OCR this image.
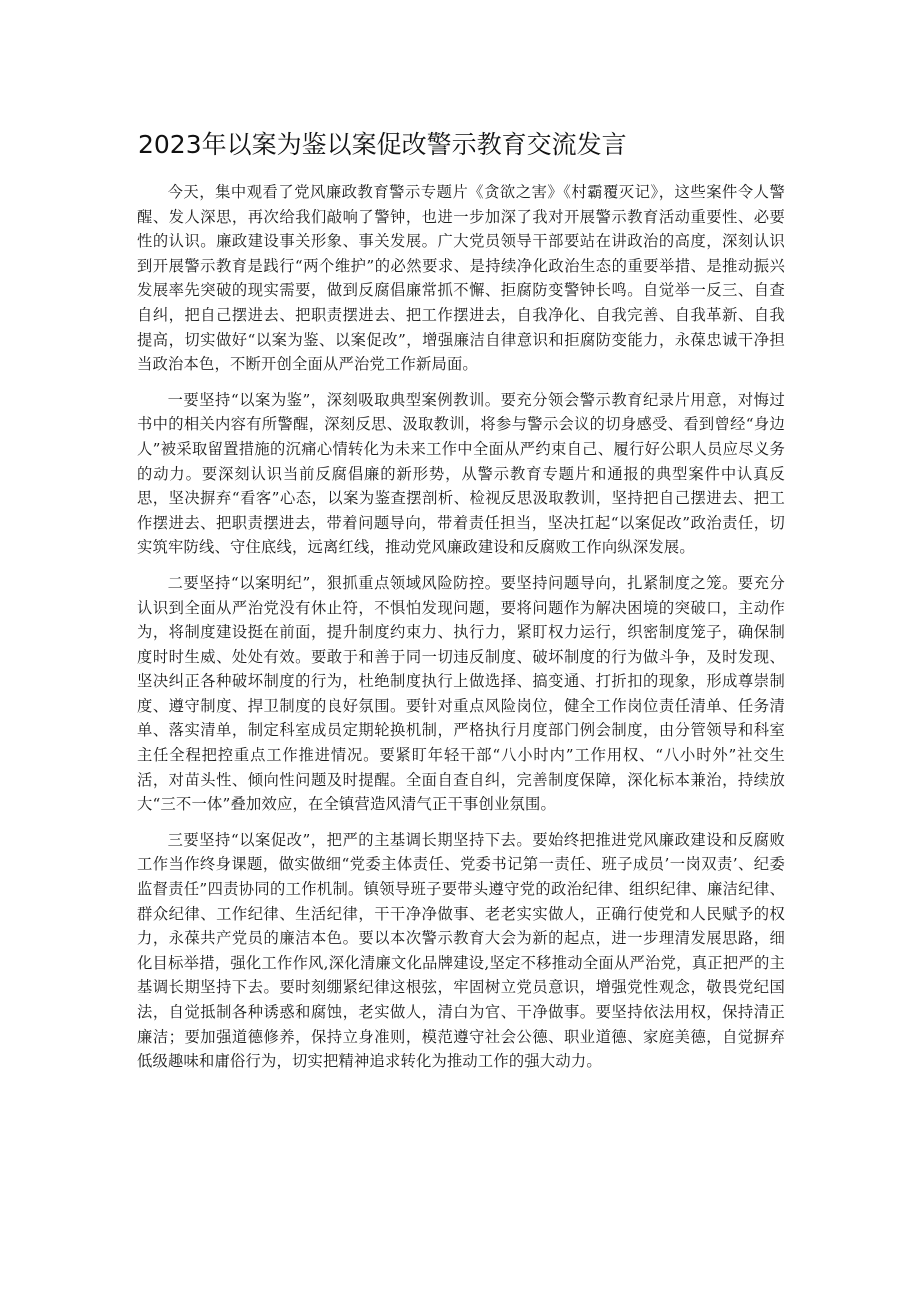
2023年以案为鉴以案促改警示教育交流发言

今天，集中观看了党风廉政教育警示专题片《贪欲之害》《村霸覆灭记》，这些案件令人警醒、发人深思，再次给我们敲响了警钟，也进一步加深了我对开展警示教育活动重要性、必要性的认识。廉政建设事关形象、事关发展。广大党员领导干部要站在讲政治的高度，深刻认识到开展警示教育是践行“两个维护”的必然要求、是持续净化政治生态的重要举措、是推动振兴发展率先突破的现实需要，做到反腐倡廉常抓不懈、拒腐防变警钟长鸣。自觉举一反三、自查自纠，把自己摆进去、把职责摆进去、把工作摆进去，自我净化、自我完善、自我革新、自我提高，切实做好“以案为鉴、以案促改”，增强廉洁自律意识和拒腐防变能力，永葆忠诚干净担当政治本色，不断开创全面从严治党工作新局面。

一要坚持“以案为鉴”，深刻吸取典型案例教训。要充分领会警示教育纪录片用意，对悔过书中的相关内容有所警醒，深刻反思、汲取教训，将参与警示会议的切身感受、看到曾经“身边人”被采取留置措施的沉痛心情转化为未来工作中全面从严约束自己、履行好公职人员应尽义务的动力。要深刻认识当前反腐倡廉的新形势，从警示教育专题片和通报的典型案件中认真反思，坚决摒弃“看客”心态，以案为鉴查摆剖析、检视反思汲取教训，坚持把自己摆进去、把工作摆进去、把职责摆进去，带着问题导向，带着责任担当，坚决扛起“以案促改”政治责任，切实筑牢防线、守住底线，远离红线，推动党风廉政建设和反腐败工作向纵深发展。

二要坚持“以案明纪”，狠抓重点领域风险防控。要坚持问题导向，扎紧制度之笼。要充分认识到全面从严治党没有休止符，不惧怕发现问题，要将问题作为解决困境的突破口，主动作为，将制度建设挺在前面，提升制度约束力、执行力，紧盯权力运行，织密制度笼子，确保制度时时生威、处处有效。要敢于和善于同一切违反制度、破坏制度的行为做斗争，及时发现、坚决纠正各种破坏制度的行为，杜绝制度执行上做选择、搞变通、打折扣的现象，形成尊崇制度、遵守制度、捍卫制度的良好氛围。要针对重点风险岗位，健全工作岗位责任清单、任务清单、落实清单，制定科室成员定期轮换机制，严格执行月度部门例会制度，由分管领导和科室主任全程把控重点工作推进情况。要紧盯年轻干部“八小时内”工作用权、“八小时外”社交生活，对苗头性、倾向性问题及时提醒。全面自查自纠，完善制度保障，深化标本兼治，持续放大“三不一体”叠加效应，在全镇营造风清气正干事创业氛围。

三要坚持“以案促改”，把严的主基调长期坚持下去。要始终把推进党风廉政建设和反腐败工作当作终身课题，做实做细“党委主体责任、党委书记第一责任、班子成员’一岗双责’、纪委监督责任”四责协同的工作机制。镇领导班子要带头遵守党的政治纪律、组织纪律、廉洁纪律、群众纪律、工作纪律、生活纪律，干干净净做事、老老实实做人，正确行使党和人民赋予的权力，永葆共产党员的廉洁本色。要以本次警示教育大会为新的起点，进一步理清发展思路，细化目标举措，强化工作作风,深化清廉文化品牌建设,坚定不移推动全面从严治党，真正把严的主基调长期坚持下去。要时刻绷紧纪律这根弦，牢固树立党员意识，增强党性观念，敬畏党纪国法，自觉抵制各种诱惑和腐蚀，老实做人，清白为官、干净做事。要坚持依法用权，保持清正廉洁；要加强道德修养，保持立身准则，模范遵守社会公德、职业道德、家庭美德，自觉摒弃低级趣味和庸俗行为，切实把精神追求转化为推动工作的强大动力。
